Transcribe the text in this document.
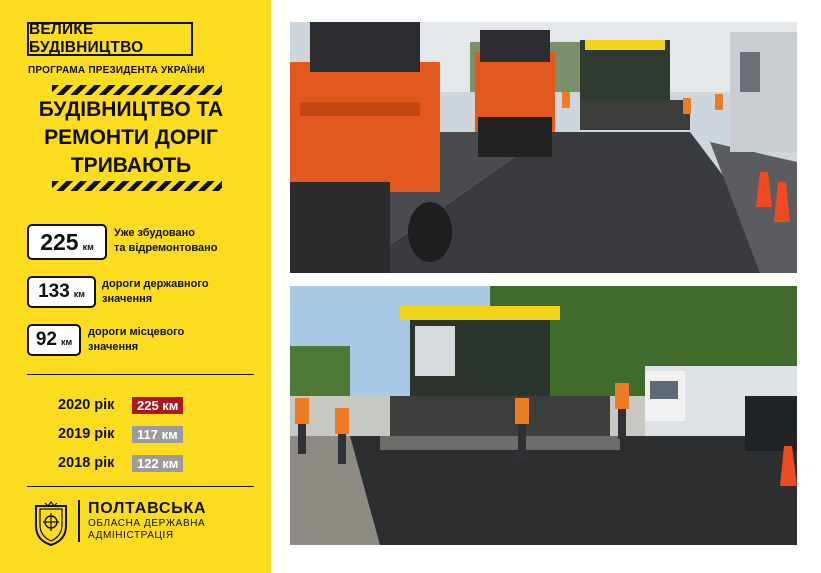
ВЕЛИКЕ БУДІВНИЦТВО
ПРОГРАМА ПРЕЗИДЕНТА УКРАЇНИ
БУДІВНИЦТВО ТА
РЕМОНТИ ДОРІГ
ТРИВАЮТЬ
225 км
Уже збудовано
та відремонтовано
133 км
дороги державного
значення
92 км
дороги місцевого
значення
2020 рік	225 км
2019 рік	117 км
2018 рік	122 км
ПОЛТАВСЬКА
ОБЛАСНА ДЕРЖАВНА
АДМІНІСТРАЦІЯ
